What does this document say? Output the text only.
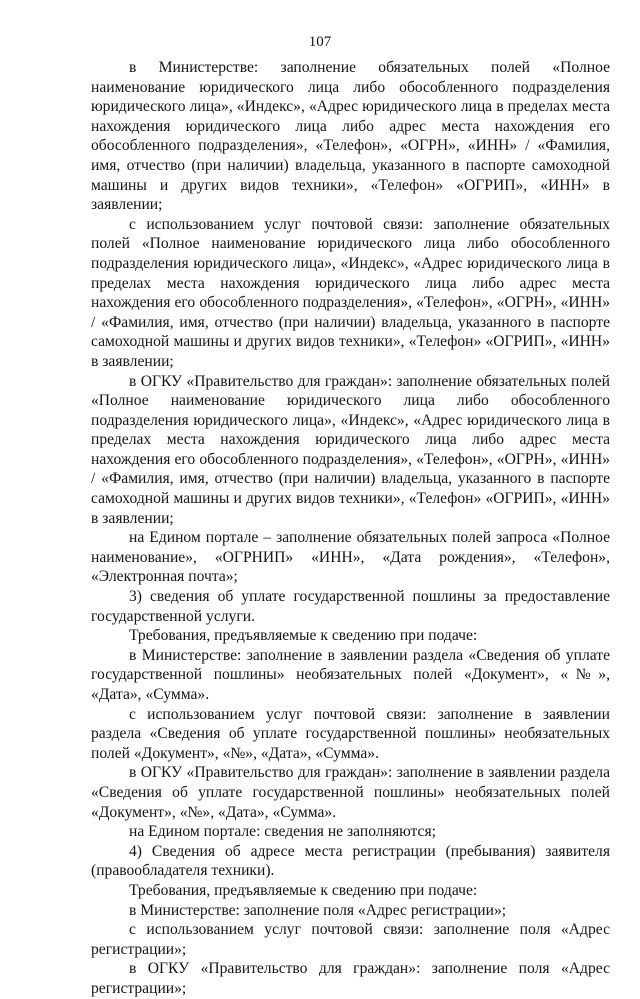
107

в Министерстве: заполнение обязательных полей «Полное наименование юридического лица либо обособленного подразделения юридического лица», «Индекс», «Адрес юридического лица в пределах места нахождения юридического лица либо адрес места нахождения его обособленного подразделения», «Телефон», «ОГРН», «ИНН» / «Фамилия, имя, отчество (при наличии) владельца, указанного в паспорте самоходной машины и других видов техники», «Телефон» «ОГРИП», «ИНН» в заявлении;

с использованием услуг почтовой связи: заполнение обязательных полей «Полное наименование юридического лица либо обособленного подразделения юридического лица», «Индекс», «Адрес юридического лица в пределах места нахождения юридического лица либо адрес места нахождения его обособленного подразделения», «Телефон», «ОГРН», «ИНН» / «Фамилия, имя, отчество (при наличии) владельца, указанного в паспорте самоходной машины и других видов техники», «Телефон» «ОГРИП», «ИНН» в заявлении;

в ОГКУ «Правительство для граждан»: заполнение обязательных полей «Полное наименование юридического лица либо обособленного подразделения юридического лица», «Индекс», «Адрес юридического лица в пределах места нахождения юридического лица либо адрес места нахождения его обособленного подразделения», «Телефон», «ОГРН», «ИНН» / «Фамилия, имя, отчество (при наличии) владельца, указанного в паспорте самоходной машины и других видов техники», «Телефон» «ОГРИП», «ИНН» в заявлении;

на Едином портале – заполнение обязательных полей запроса «Полное наименование», «ОГРНИП» «ИНН», «Дата рождения», «Телефон», «Электронная почта»;

3) сведения об уплате государственной пошлины за предоставление государственной услуги.

Требования, предъявляемые к сведению при подаче:

в Министерстве: заполнение в заявлении раздела «Сведения об уплате государственной пошлины» необязательных полей «Документ», «№», «Дата», «Сумма».

с использованием услуг почтовой связи: заполнение в заявлении раздела «Сведения об уплате государственной пошлины» необязательных полей «Документ», «№», «Дата», «Сумма».

в ОГКУ «Правительство для граждан»: заполнение в заявлении раздела «Сведения об уплате государственной пошлины» необязательных полей «Документ», «№», «Дата», «Сумма».

на Едином портале: сведения не заполняются;

4) Сведения об адресе места регистрации (пребывания) заявителя (правообладателя техники).

Требования, предъявляемые к сведению при подаче:

в Министерстве: заполнение поля «Адрес регистрации»;

с использованием услуг почтовой связи: заполнение поля «Адрес регистрации»;

в ОГКУ «Правительство для граждан»: заполнение поля «Адрес регистрации»;
